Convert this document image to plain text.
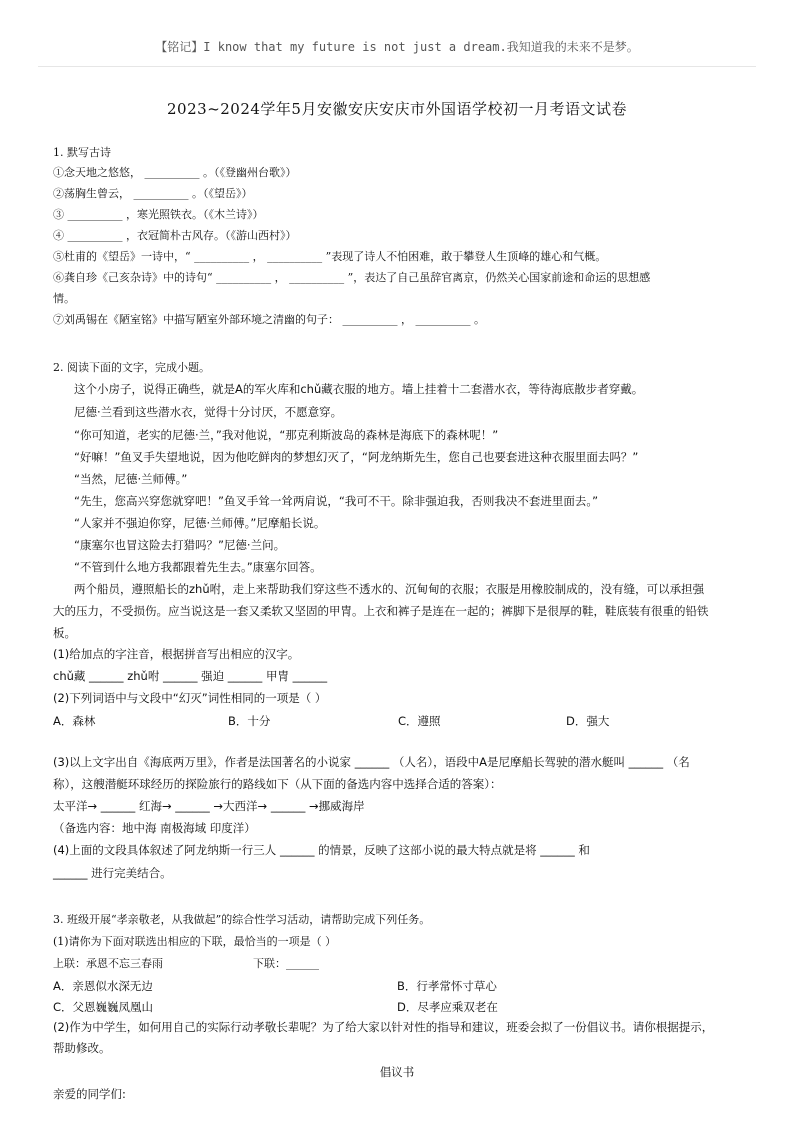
【铭记】I know that my future is not just a dream.我知道我的未来不是梦。
2023~2024学年5月安徽安庆安庆市外国语学校初一月考语文试卷
1. 默写古诗
①念天地之悠悠， __________ 。（《登幽州台歌》）
②荡胸生曾云， __________ 。（《望岳》）
③ __________ ，寒光照铁衣。（《木兰诗》）
④ __________ ，衣冠简朴古风存。（《游山西村》）
⑤杜甫的《望岳》一诗中，“ __________ ， __________ ”表现了诗人不怕困难，敢于攀登人生顶峰的雄心和气概。
⑥龚自珍《己亥杂诗》中的诗句“ __________ ， __________ ”，表达了自己虽辞官离京，仍然关心国家前途和命运的思想感
情。
⑦刘禹锡在《陋室铭》中描写陋室外部环境之清幽的句子： __________ ， __________ 。
2. 阅读下面的文字，完成小题。
这个小房子，说得正确些，就是A的军火库和chǔ藏衣服的地方。墙上挂着十二套潜水衣，等待海底散步者穿戴。
尼德·兰看到这些潜水衣，觉得十分讨厌，不愿意穿。
“你可知道，老实的尼德·兰，”我对他说，“那克利斯波岛的森林是海底下的森林呢！”
“好嘛！”鱼叉手失望地说，因为他吃鲜肉的梦想幻灭了，“阿龙纳斯先生，您自己也要套进这种衣服里面去吗？”
“当然，尼德·兰师傅。”
“先生，您高兴穿您就穿吧！”鱼叉手耸一耸两肩说，“我可不干。除非强迫我，否则我决不套进里面去。”
“人家并不强迫你穿，尼德·兰师傅。”尼摩船长说。
“康塞尔也冒这险去打猎吗？”尼德·兰问。
“不管到什么地方我都跟着先生去。”康塞尔回答。
两个船员，遵照船长的zhǔ咐，走上来帮助我们穿这些不透水的、沉甸甸的衣服；衣服是用橡胶制成的，没有缝，可以承担强
大的压力，不受损伤。应当说这是一套又柔软又坚固的甲冑。上衣和裤子是连在一起的；裤脚下是很厚的鞋，鞋底装有很重的铅铁
板。
(1)给加点的字注音，根据拼音写出相应的汉字。
chǔ藏 ______ zhǔ咐 ______ 强迫 ______ 甲冑 ______
(2)下列词语中与文段中“幻灭”词性相同的一项是（ ）
A．森林	B．十分	C．遵照	D．强大
(3)以上文字出自《海底两万里》，作者是法国著名的小说家 ______ （人名），语段中A是尼摩船长驾驶的潜水艇叫 ______ （名
称），这艘潜艇环球经历的探险旅行的路线如下（从下面的备选内容中选择合适的答案）：
太平洋→ ______ 红海→ ______ →大西洋→ ______ →挪威海岸
（备选内容：地中海 南极海域 印度洋）
(4)上面的文段具体叙述了阿龙纳斯一行三人 ______ 的情景，反映了这部小说的最大特点就是将 ______ 和
______ 进行完美结合。
3. 班级开展“孝亲敬老，从我做起”的综合性学习活动，请帮助完成下列任务。
(1)请你为下面对联选出相应的下联，最恰当的一项是（ ）
上联：承恩不忘三春雨	下联：______
A．亲恩似水深无边	B．行孝常怀寸草心
C．父恩巍巍凤凰山	D．尽孝应乘双老在
(2)作为中学生，如何用自己的实际行动孝敬长辈呢？为了给大家以针对性的指导和建议，班委会拟了一份倡议书。请你根据提示，
帮助修改。
倡议书
亲爱的同学们:
